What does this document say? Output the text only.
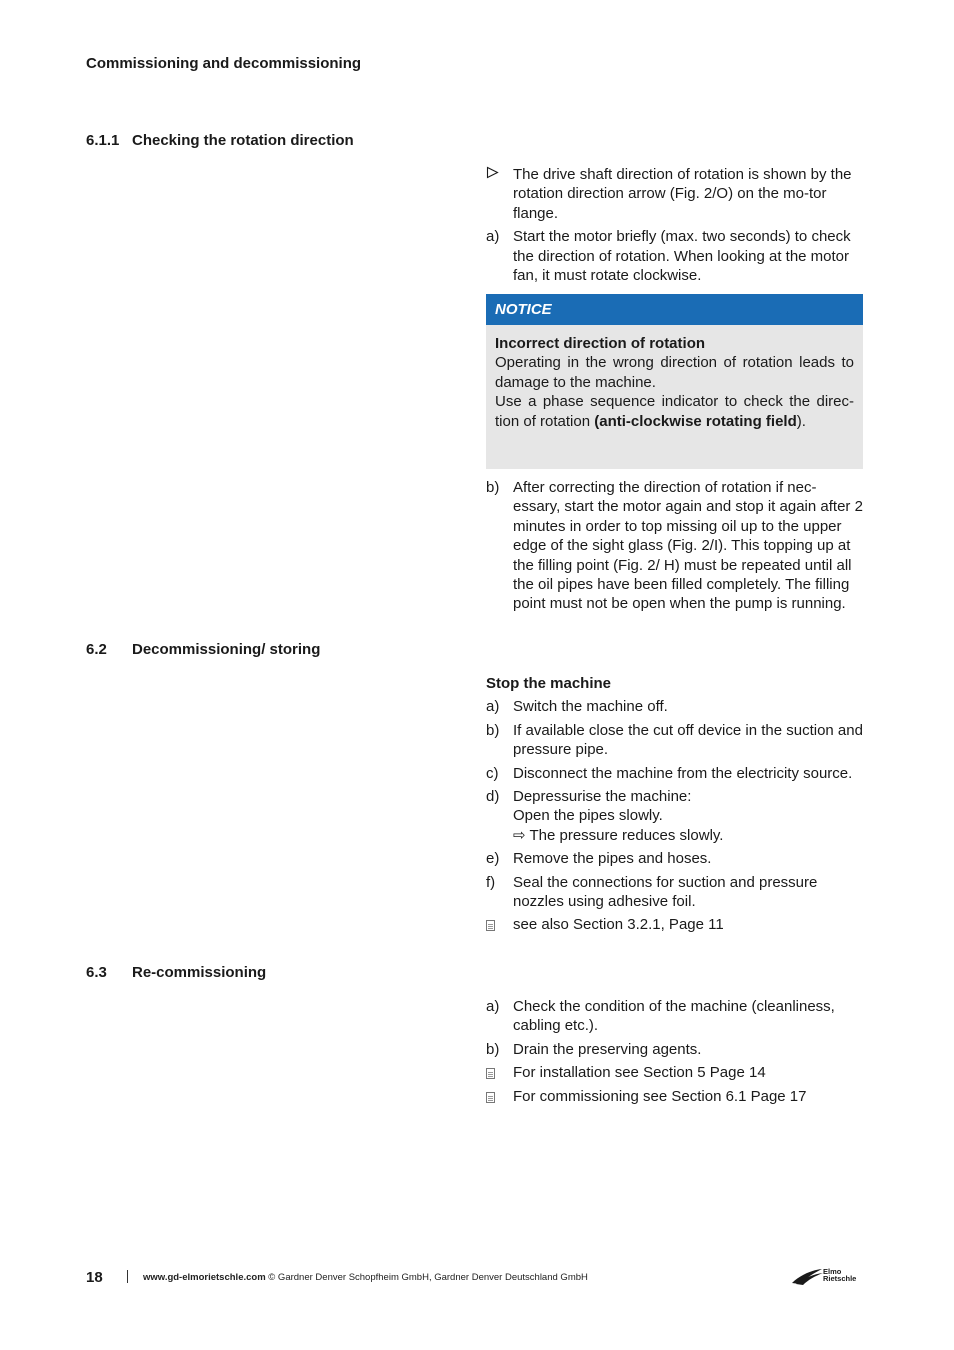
Commissioning and decommissioning
6.1.1 Checking the rotation direction
The drive shaft direction of rotation is shown by the rotation direction arrow (Fig. 2/O) on the mo-tor flange.
a) Start the motor briefly (max. two seconds) to check the direction of rotation. When looking at the motor fan, it must rotate clockwise.
NOTICE
Incorrect direction of rotation
Operating in the wrong direction of rotation leads to damage to the machine.
Use a phase sequence indicator to check the direc-tion of rotation (anti-clockwise rotating field).
b) After correcting the direction of rotation if nec-essary, start the motor again and stop it again after 2 minutes in order to top missing oil up to the upper edge of the sight glass (Fig. 2/I). This topping up at the filling point (Fig. 2/ H) must be repeated until all the oil pipes have been filled completely. The filling point must not be open when the pump is running.
6.2 Decommissioning/ storing
Stop the machine
a) Switch the machine off.
b) If available close the cut off device in the suction and pressure pipe.
c) Disconnect the machine from the electricity source.
d) Depressurise the machine:
Open the pipes slowly.
⇨ The pressure reduces slowly.
e) Remove the pipes and hoses.
f)	Seal the connections for suction and pressure nozzles using adhesive foil.
see also Section 3.2.1, Page 11
6.3 Re-commissioning
a) Check the condition of the machine (cleanliness, cabling etc.).
b) Drain the preserving agents.
For installation see Section 5 Page 14
For commissioning see Section 6.1 Page 17
18	www.gd-elmorietschle.com © Gardner Denver Schopfheim GmbH, Gardner Denver Deutschland GmbH
Elmo
Rietschle
